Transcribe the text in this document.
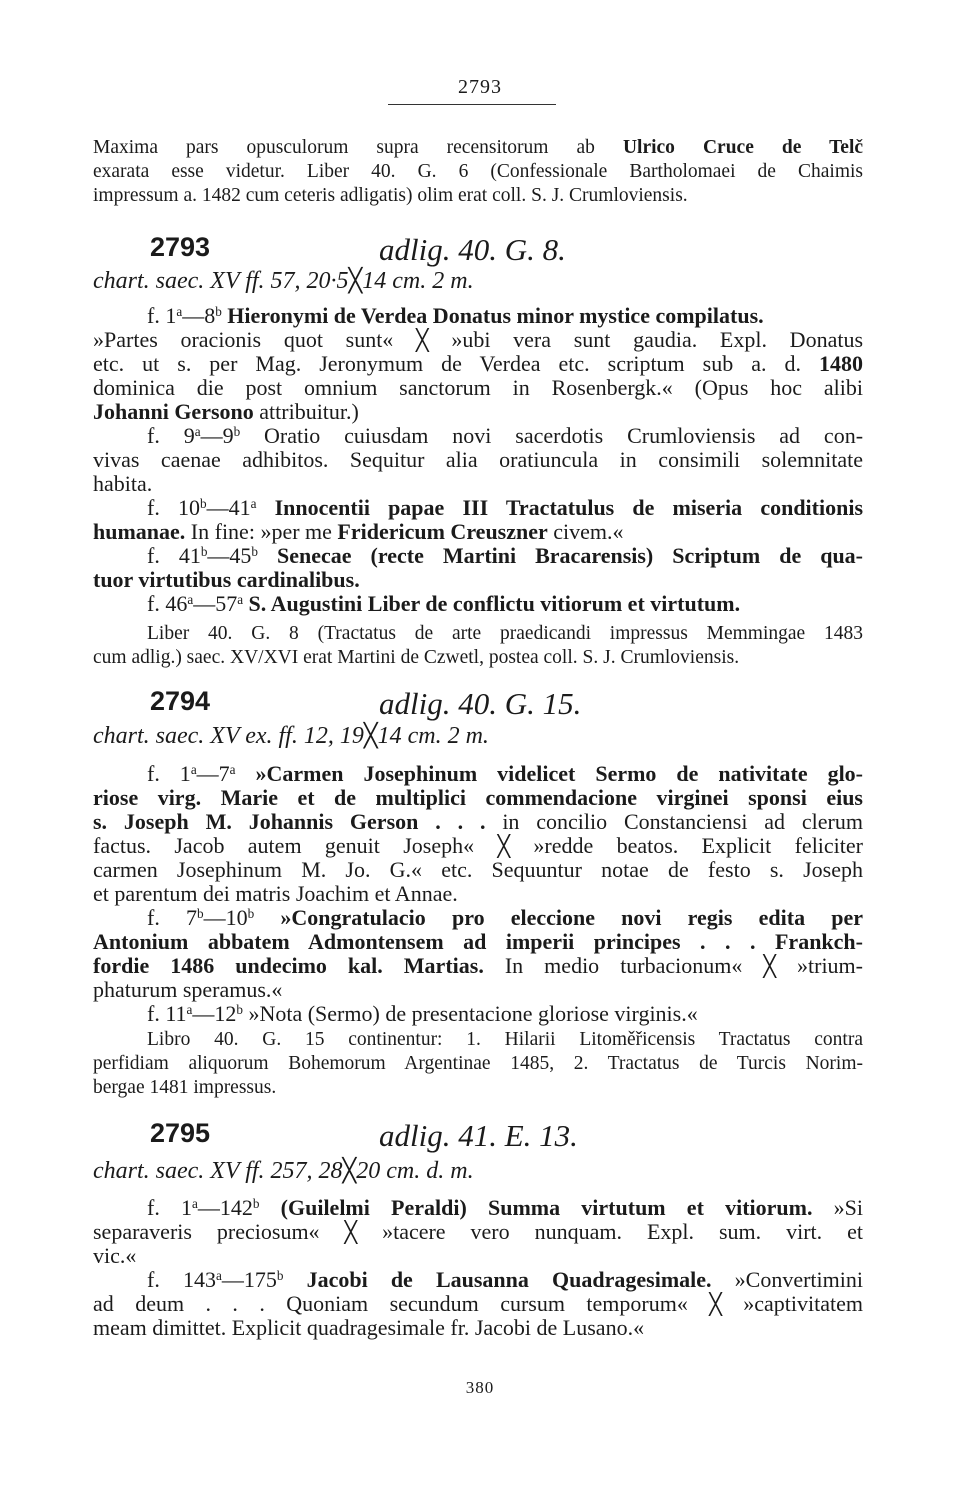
2793
Maxima pars opusculorum supra recensitorum ab Ulrico Cruce de Telč
exarata esse videtur. Liber 40. G. 6 (Confessionale Bartholomaei de Chaimis
impressum a. 1482 cum ceteris adligatis) olim erat coll. S. J. Crumloviensis.
2793	adlig. 40. G. 8.
chart. saec. XV ff. 57, 20·5╳14 cm. 2 m.
f. 1$^a$—8$^b$ Hieronymi de Verdea Donatus minor mystice compilatus.
»Partes oracionis quot sunt« ╳ »ubi vera sunt gaudia. Expl. Donatus
etc. ut s. per Mag. Jeronymum de Verdea etc. scriptum sub a. d. 1480
dominica die post omnium sanctorum in Rosenbergk.« (Opus hoc alibi
Johanni Gersono attribuitur.)
f. 9$^a$—9$^b$ Oratio cuiusdam novi sacerdotis Crumloviensis ad con-
vivas caenae adhibitos. Sequitur alia oratiuncula in consimili solemnitate
habita.
f. 10$^b$—41$^a$ Innocentii papae III Tractatulus de miseria conditionis
humanae. In fine: »per me Fridericum Creuszner civem.«
f. 41$^b$—45$^b$ Senecae (recte Martini Bracarensis) Scriptum de qua-
tuor virtutibus cardinalibus.
f. 46$^a$—57$^a$ S. Augustini Liber de conflictu vitiorum et virtutum.
Liber 40. G. 8 (Tractatus de arte praedicandi impressus Memmingae 1483
cum adlig.) saec. XV/XVI erat Martini de Czwetl, postea coll. S. J. Crumloviensis.
2794	adlig. 40. G. 15.
chart. saec. XV ex. ff. 12, 19╳14 cm. 2 m.
f. 1$^a$—7$^a$ »Carmen Josephinum videlicet Sermo de nativitate glo-
riose virg. Marie et de multiplici commendacione virginei sponsi eius
s. Joseph M. Johannis Gerson . . . in concilio Constanciensi ad clerum
factus. Jacob autem genuit Joseph« ╳ »redde beatos. Explicit feliciter
carmen Josephinum M. Jo. G.« etc. Sequuntur notae de festo s. Joseph
et parentum dei matris Joachim et Annae.
f. 7$^b$—10$^b$ »Congratulacio pro eleccione novi regis edita per
Antonium abbatem Admontensem ad imperii principes . . . Frankch-
fordie 1486 undecimo kal. Martias. In medio turbacionum« ╳ »trium-
phaturum speramus.«
f. 11$^a$—12$^b$ »Nota (Sermo) de presentacione gloriose virginis.«
Libro 40. G. 15 continentur: 1. Hilarii Litoměřicensis Tractatus contra
perfidiam aliquorum Bohemorum Argentinae 1485, 2. Tractatus de Turcis Norim-
bergae 1481 impressus.
2795	adlig. 41. E. 13.
chart. saec. XV ff. 257, 28╳20 cm. d. m.
f. 1$^a$—142$^b$ (Guilelmi Peraldi) Summa virtutum et vitiorum. »Si
separaveris preciosum« ╳ »tacere vero nunquam. Expl. sum. virt. et
vic.«
f. 143$^a$—175$^b$ Jacobi de Lausanna Quadragesimale. »Convertimini
ad deum . . . Quoniam secundum cursum temporum« ╳ »captivitatem
meam dimittet. Explicit quadragesimale fr. Jacobi de Lusano.«
380
